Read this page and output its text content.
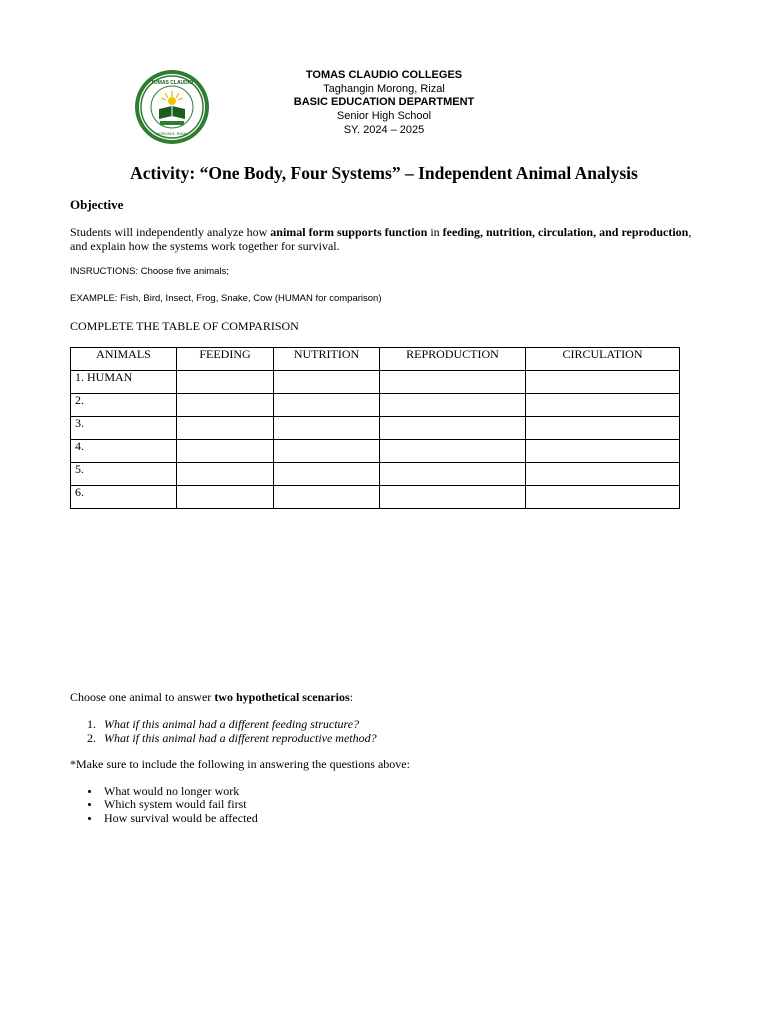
TOMAS CLAUDIO
MORONG, RIZAL
TOMAS CLAUDIO COLLEGES
Taghangin Morong, Rizal
BASIC EDUCATION DEPARTMENT
Senior High School
SY. 2024 – 2025
Activity: “One Body, Four Systems” – Independent Animal Analysis
Objective
Students will independently analyze how animal form supports function in feeding, nutrition, circulation, and reproduction, and explain how the systems work together for survival.
INSRUCTIONS: Choose five animals;
EXAMPLE: Fish, Bird, Insect, Frog, Snake, Cow (HUMAN for comparison)
COMPLETE THE TABLE OF COMPARISON
ANIMALS	FEEDING	NUTRITION	REPRODUCTION	CIRCULATION
1. HUMAN				
2.				
3.				
4.				
5.				
6.				
Choose one animal to answer two hypothetical scenarios:
1. What if this animal had a different feeding structure?
2. What if this animal had a different reproductive method?
*Make sure to include the following in answering the questions above:
What would no longer work
Which system would fail first
How survival would be affected
